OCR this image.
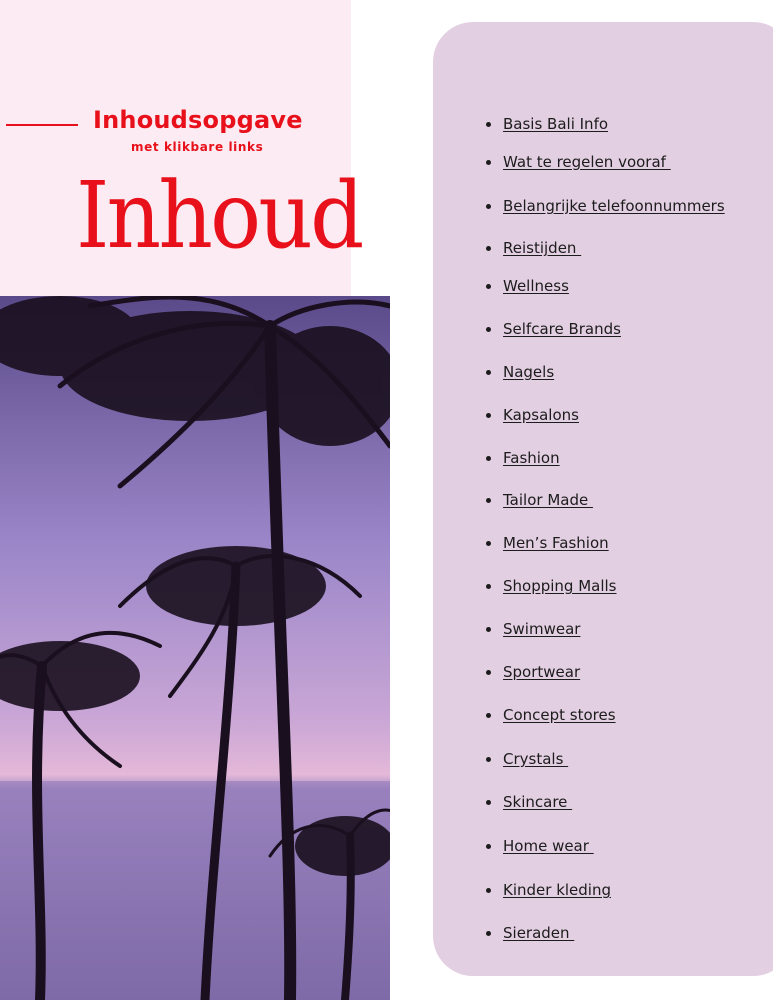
Inhoudsopgave
met klikbare links
Inhoud
Basis Bali Info
Wat te regelen vooraf
Belangrijke telefoonnummers
Reistijden
Wellness
Selfcare Brands
Nagels
Kapsalons
Fashion
Tailor Made
Men’s Fashion
Shopping Malls
Swimwear
Sportwear
Concept stores
Crystals
Skincare
Home wear
Kinder kleding
Sieraden
